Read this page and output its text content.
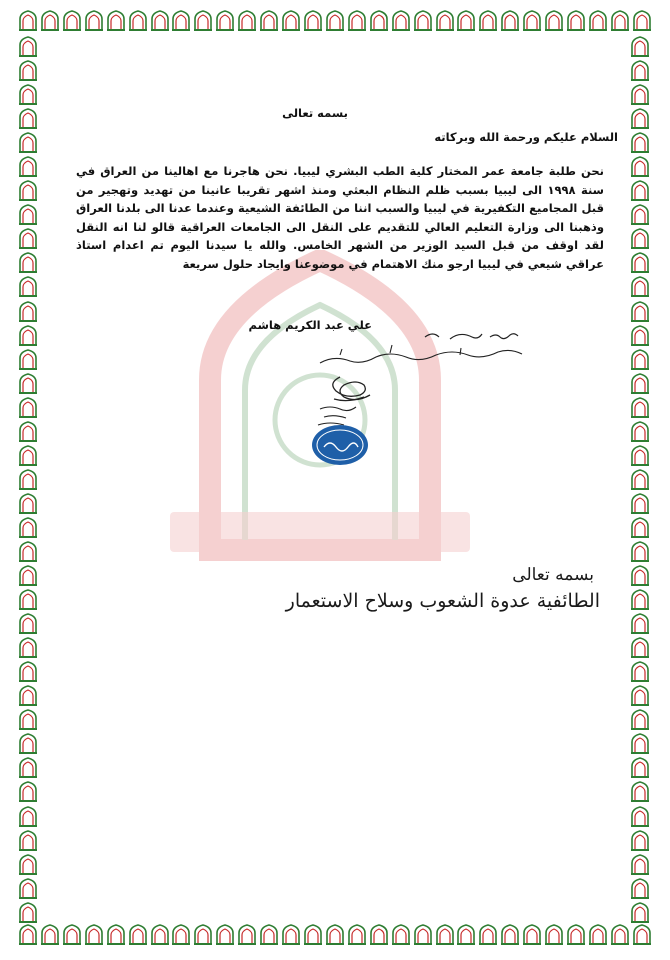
بسمه تعالى

السلام عليكم ورحمة الله وبركاته

نحن طلبة جامعة عمر المختار كلية الطب البشري ليبيا. نحن هاجرنا مع اهالينا من العراق في سنة ١٩٩٨ الى ليبيا بسبب ظلم النظام البعثي ومنذ اشهر تقريبا عانينا من تهديد وتهجير من قبل المجاميع التكفيرية في ليبيا والسبب اننا من الطائفة الشيعية وعندما عدنا الى بلدنا العراق وذهبنا الى وزارة التعليم العالي للتقديم على النقل الى الجامعات العراقية قالو لنا انه النقل لقد اوقف من قبل السيد الوزير من الشهر الخامس. والله يا سيدنا اليوم تم اعدام استاذ عراقي شيعي في ليبيا ارجو منك الاهتمام في موضوعنا وايجاد حلول سريعة

علي عبد الكريم هاشم

بسمه تعالى

الطائفية عدوة الشعوب وسلاح الاستعمار
